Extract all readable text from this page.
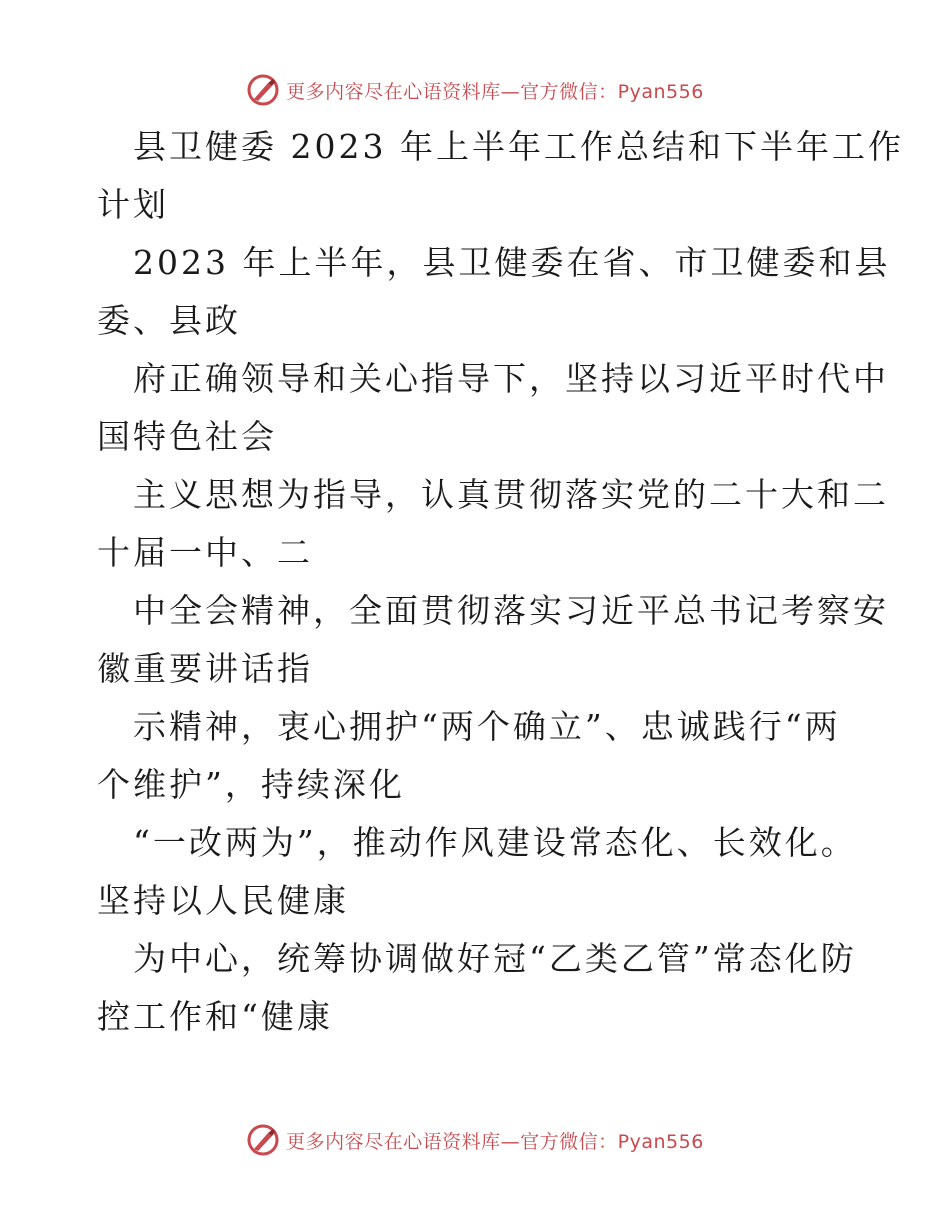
更多内容尽在心语资料库—官方微信：Pyan556
县卫健委 2023 年上半年工作总结和下半年工作
计划
2023 年上半年，县卫健委在省、市卫健委和县
委、县政
府正确领导和关心指导下，坚持以习近平时代中
国特色社会
主义思想为指导，认真贯彻落实党的二十大和二
十届一中、二
中全会精神，全面贯彻落实习近平总书记考察安
徽重要讲话指
示精神，衷心拥护“两个确立”、忠诚践行“两
个维护”，持续深化
“一改两为”，推动作风建设常态化、长效化。
坚持以人民健康
为中心，统筹协调做好冠“乙类乙管”常态化防
控工作和“健康
更多内容尽在心语资料库—官方微信：Pyan556
